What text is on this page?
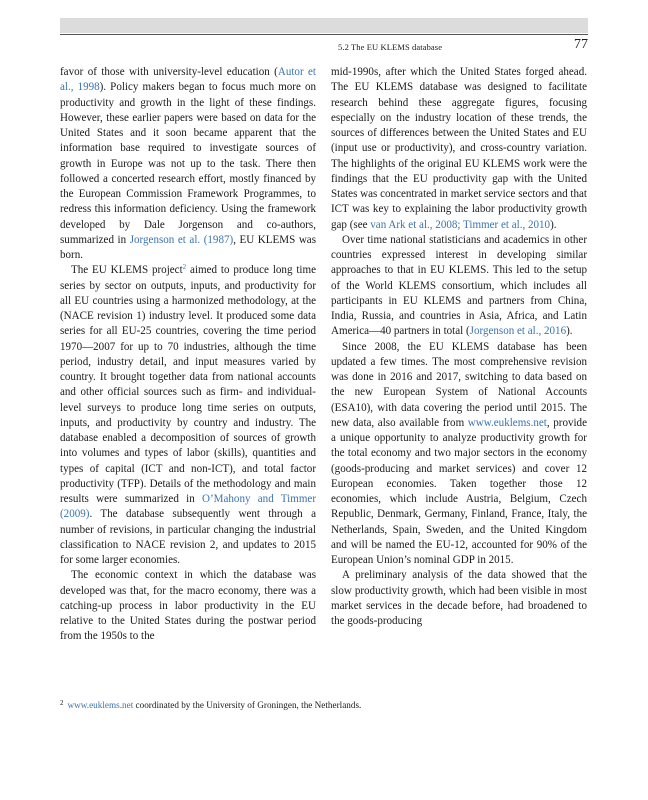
5.2 The EU KLEMS database	77

favor of those with university-level education (Autor et al., 1998). Policy makers began to focus much more on productivity and growth in the light of these findings. However, these earlier papers were based on data for the United States and it soon became apparent that the information base required to investigate sources of growth in Europe was not up to the task. There then followed a concerted research effort, mostly financed by the European Commission Framework Programmes, to redress this information deficiency. Using the framework developed by Dale Jorgenson and co-authors, summarized in Jorgenson et al. (1987), EU KLEMS was born.

The EU KLEMS project$^2$ aimed to produce long time series by sector on outputs, inputs, and productivity for all EU countries using a harmonized methodology, at the (NACE revision 1) industry level. It produced some data series for all EU-25 countries, covering the time period 1970—2007 for up to 70 industries, although the time period, industry detail, and input measures varied by country. It brought together data from national accounts and other official sources such as firm- and individual-level surveys to produce long time series on outputs, inputs, and productivity by country and industry. The database enabled a decomposition of sources of growth into volumes and types of labor (skills), quantities and types of capital (ICT and non-ICT), and total factor productivity (TFP). Details of the methodology and main results were summarized in O’Mahony and Timmer (2009). The database subsequently went through a number of revisions, in particular changing the industrial classification to NACE revision 2, and updates to 2015 for some larger economies.

The economic context in which the database was developed was that, for the macro economy, there was a catching-up process in labor productivity in the EU relative to the United States during the postwar period from the 1950s to the

mid-1990s, after which the United States forged ahead. The EU KLEMS database was designed to facilitate research behind these aggregate figures, focusing especially on the industry location of these trends, the sources of differences between the United States and EU (input use or productivity), and cross-country variation. The highlights of the original EU KLEMS work were the findings that the EU productivity gap with the United States was concentrated in market service sectors and that ICT was key to explaining the labor productivity growth gap (see van Ark et al., 2008; Timmer et al., 2010).

Over time national statisticians and academics in other countries expressed interest in developing similar approaches to that in EU KLEMS. This led to the setup of the World KLEMS consortium, which includes all participants in EU KLEMS and partners from China, India, Russia, and countries in Asia, Africa, and Latin America—40 partners in total (Jorgenson et al., 2016).

Since 2008, the EU KLEMS database has been updated a few times. The most comprehensive revision was done in 2016 and 2017, switching to data based on the new European System of National Accounts (ESA10), with data covering the period until 2015. The new data, also available from www.euklems.net, provide a unique opportunity to analyze productivity growth for the total economy and two major sectors in the economy (goods-producing and market services) and cover 12 European economies. Taken together those 12 economies, which include Austria, Belgium, Czech Republic, Denmark, Germany, Finland, France, Italy, the Netherlands, Spain, Sweden, and the United Kingdom and will be named the EU-12, accounted for 90% of the European Union’s nominal GDP in 2015.

A preliminary analysis of the data showed that the slow productivity growth, which had been visible in most market services in the decade before, had broadened to the goods-producing

$^2$ www.euklems.net coordinated by the University of Groningen, the Netherlands.
